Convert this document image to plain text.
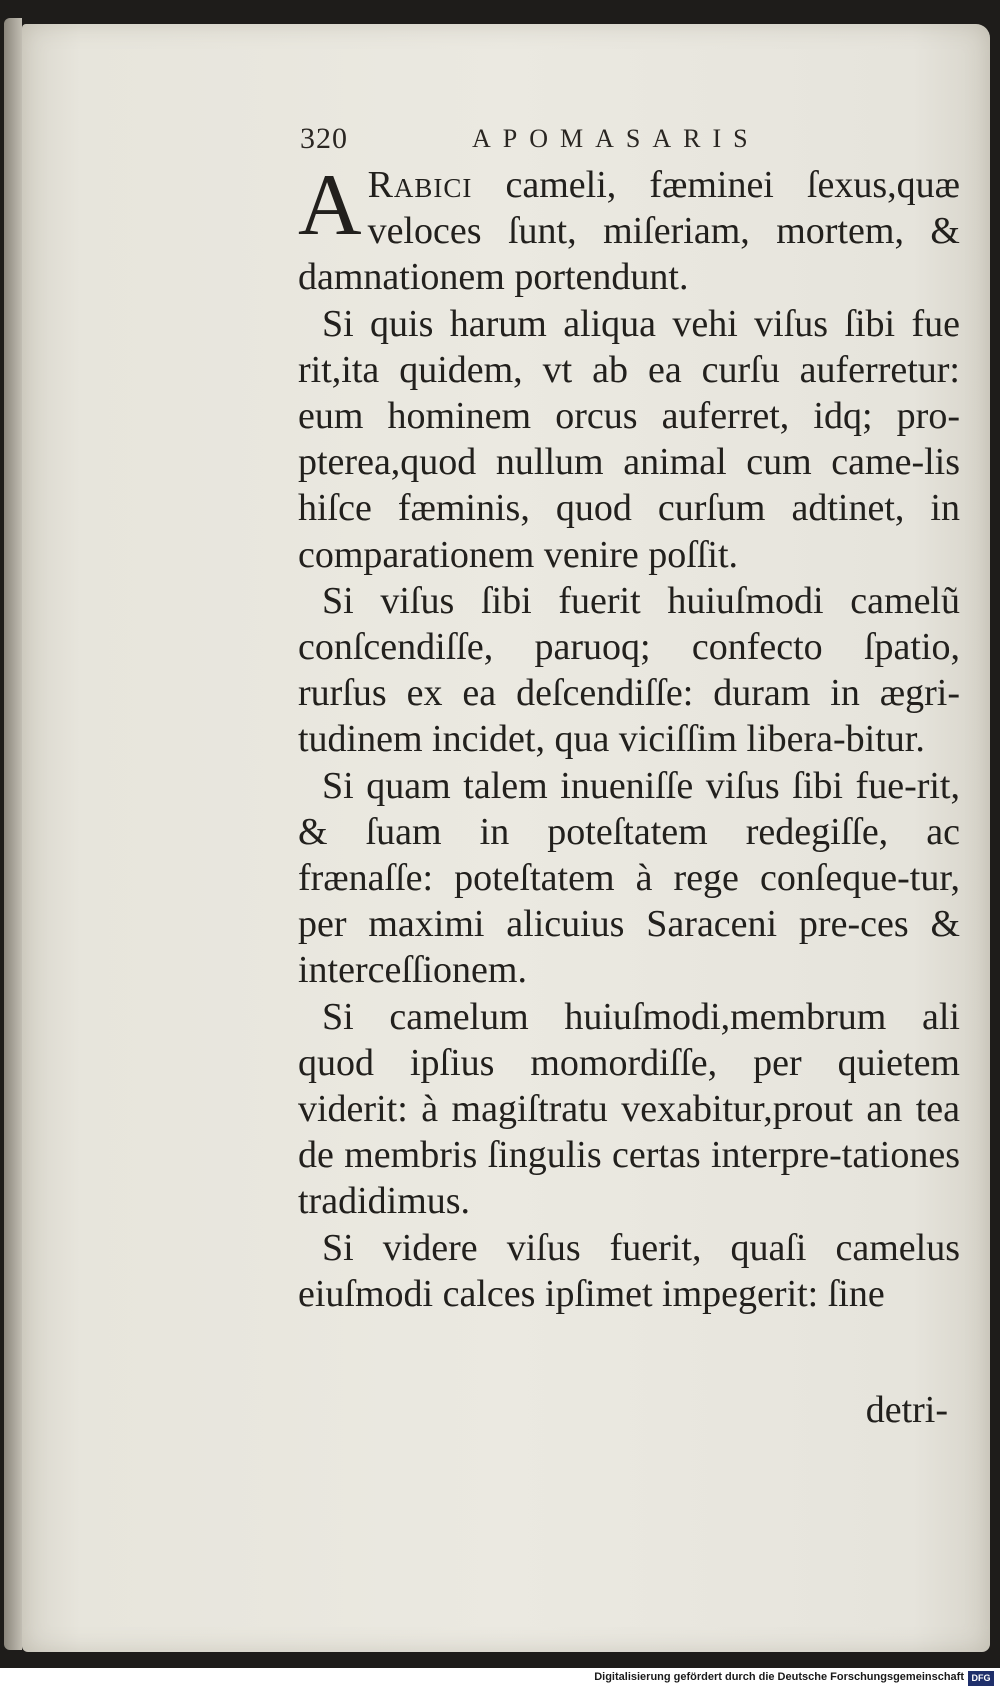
320	APOMASARIS

A Rabici cameli, fæminei ſexus,quæ veloces ſunt, miſeriam, mortem, & damnationem portendunt.

Si quis harum aliqua vehi viſus ſibi fue rit,ita quidem, vt ab ea curſu auferretur: eum hominem orcus auferret, idq; pro-pterea,quod nullum animal cum came-lis hiſce fæminis, quod curſum adtinet, in comparationem venire poſſit.

Si viſus ſibi fuerit huiuſmodi camelũ conſcendiſſe, paruoq; confecto ſpatio, rurſus ex ea deſcendiſſe: duram in ægri-tudinem incidet, qua viciſſim libera-bitur.

Si quam talem inueniſſe viſus ſibi fue-rit, & ſuam in poteſtatem redegiſſe, ac frænaſſe: poteſtatem à rege conſeque-tur, per maximi alicuius Saraceni pre-ces & interceſſionem.

Si camelum huiuſmodi,membrum ali quod ipſius momordiſſe, per quietem viderit: à magiſtratu vexabitur,prout an tea de membris ſingulis certas interpre-tationes tradidimus.

Si videre viſus fuerit, quaſi camelus eiuſmodi calces ipſimet impegerit: ſine

detri-
Digitalisierung gefördert durch die Deutsche Forschungsgemeinschaft DFG
